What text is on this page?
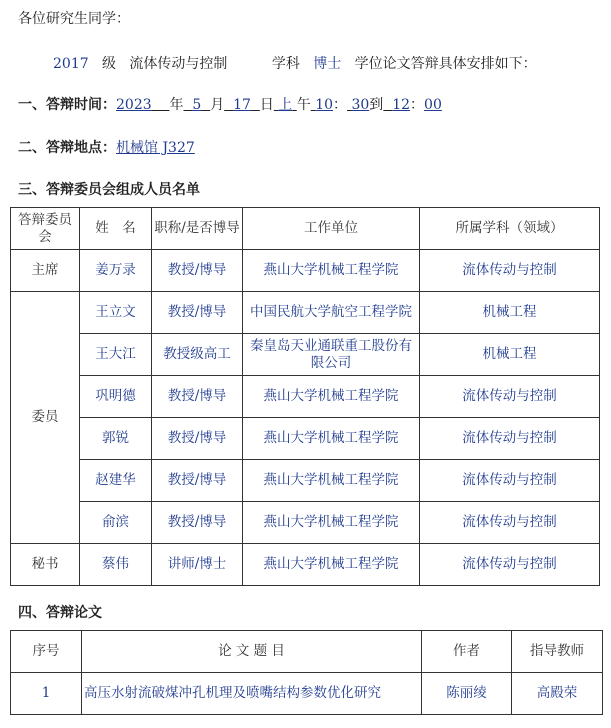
各位研究生同学：
2017 级 流体传动与控制	学科 博士 学位论文答辩具体安排如下：
一、答辩时间：2023 年 5 月 17 日 上 午 10： 30到 12：00
二、答辩地点：机械馆 J327
三、答辩委员会组成人员名单
答辩委员会	姓　名	职称/是否博导	工作单位	所属学科（领域）
主席	姜万录	教授/博导	燕山大学机械工程学院	流体传动与控制
委员	王立文	教授/博导	中国民航大学航空工程学院	机械工程
	王大江	教授级高工	秦皇岛天业通联重工股份有限公司	机械工程
	巩明德	教授/博导	燕山大学机械工程学院	流体传动与控制
	郭锐	教授/博导	燕山大学机械工程学院	流体传动与控制
	赵建华	教授/博导	燕山大学机械工程学院	流体传动与控制
	俞滨	教授/博导	燕山大学机械工程学院	流体传动与控制
秘书	蔡伟	讲师/博士	燕山大学机械工程学院	流体传动与控制
四、答辩论文
序号	论 文 题 目	作者	指导教师
1	高压水射流破煤冲孔机理及喷嘴结构参数优化研究	陈丽绫	高殿荣
